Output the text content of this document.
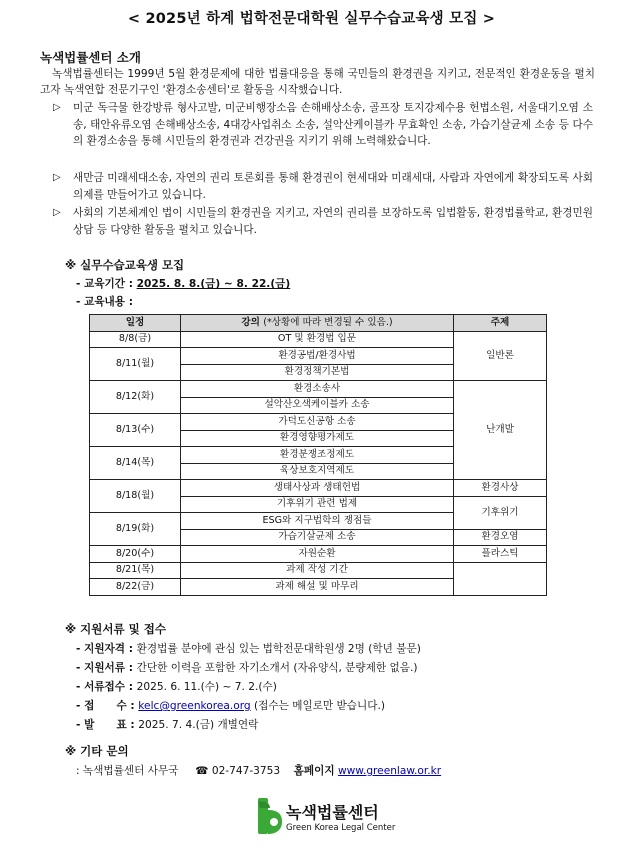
< 2025년 하계 법학전문대학원 실무수습교육생 모집 >
녹색법률센터 소개
녹색법률센터는 1999년 5월 환경문제에 대한 법률대응을 통해 국민들의 환경권을 지키고, 전문적인 환경운동을 펼치고자 녹색연합 전문기구인 '환경소송센터'로 활동을 시작했습니다.
▷ 미군 독극물 한강방류 형사고발, 미군비행장소음 손해배상소송, 골프장 토지강제수용 헌법소원, 서울대기오염 소송, 태안유류오염 손해배상소송, 4대강사업취소 소송, 설악산케이블카 무효확인 소송, 가습기살균제 소송 등 다수의 환경소송을 통해 시민들의 환경권과 건강권을 지키기 위해 노력해왔습니다.
▷ 새만금 미래세대소송, 자연의 권리 토론회를 통해 환경권이 현세대와 미래세대, 사람과 자연에게 확장되도록 사회의제를 만들어가고 있습니다.
▷ 사회의 기본체계인 법이 시민들의 환경권을 지키고, 자연의 권리를 보장하도록 입법활동, 환경법률학교, 환경민원상담 등 다양한 활동을 펼치고 있습니다.
※ 실무수습교육생 모집
- 교육기간 : 2025. 8. 8.(금) ~ 8. 22.(금)
- 교육내용 :
일정	강의 (*상황에 따라 변경될 수 있음.)	주제
8/8(금)	OT 및 환경법 입문	일반론
8/11(월)	환경공법/환경사법	
	환경정책기본법	
8/12(화)	환경소송사	난개발
	설악산오색케이블카 소송	
8/13(수)	가덕도신공항 소송	
	환경영향평가제도	
8/14(목)	환경분쟁조정제도	
	육상보호지역제도	
8/18(월)	생태사상과 생태헌법	환경사상
	기후위기 관련 법제	기후위기
8/19(화)	ESG와 지구법학의 쟁점들	
	가습기살균제 소송	환경오염
8/20(수)	자원순환	플라스틱
8/21(목)	과제 작성 기간	
8/22(금)	과제 해설 및 마무리	
※ 지원서류 및 접수
- 지원자격 : 환경법률 분야에 관심 있는 법학전문대학원생 2명 (학년 불문)
- 지원서류 : 간단한 이력을 포함한 자기소개서 (자유양식, 분량제한 없음.)
- 서류접수 : 2025. 6. 11.(수) ~ 7. 2.(수)
- 접      수 : kelc@greenkorea.org (접수는 메일로만 받습니다.)
- 발      표 : 2025. 7. 4.(금) 개별연락
※ 기타 문의
: 녹색법률센터 사무국 ☎ 02-747-3753 홈페이지 www.greenlaw.or.kr
녹색법률센터
Green Korea Legal Center
